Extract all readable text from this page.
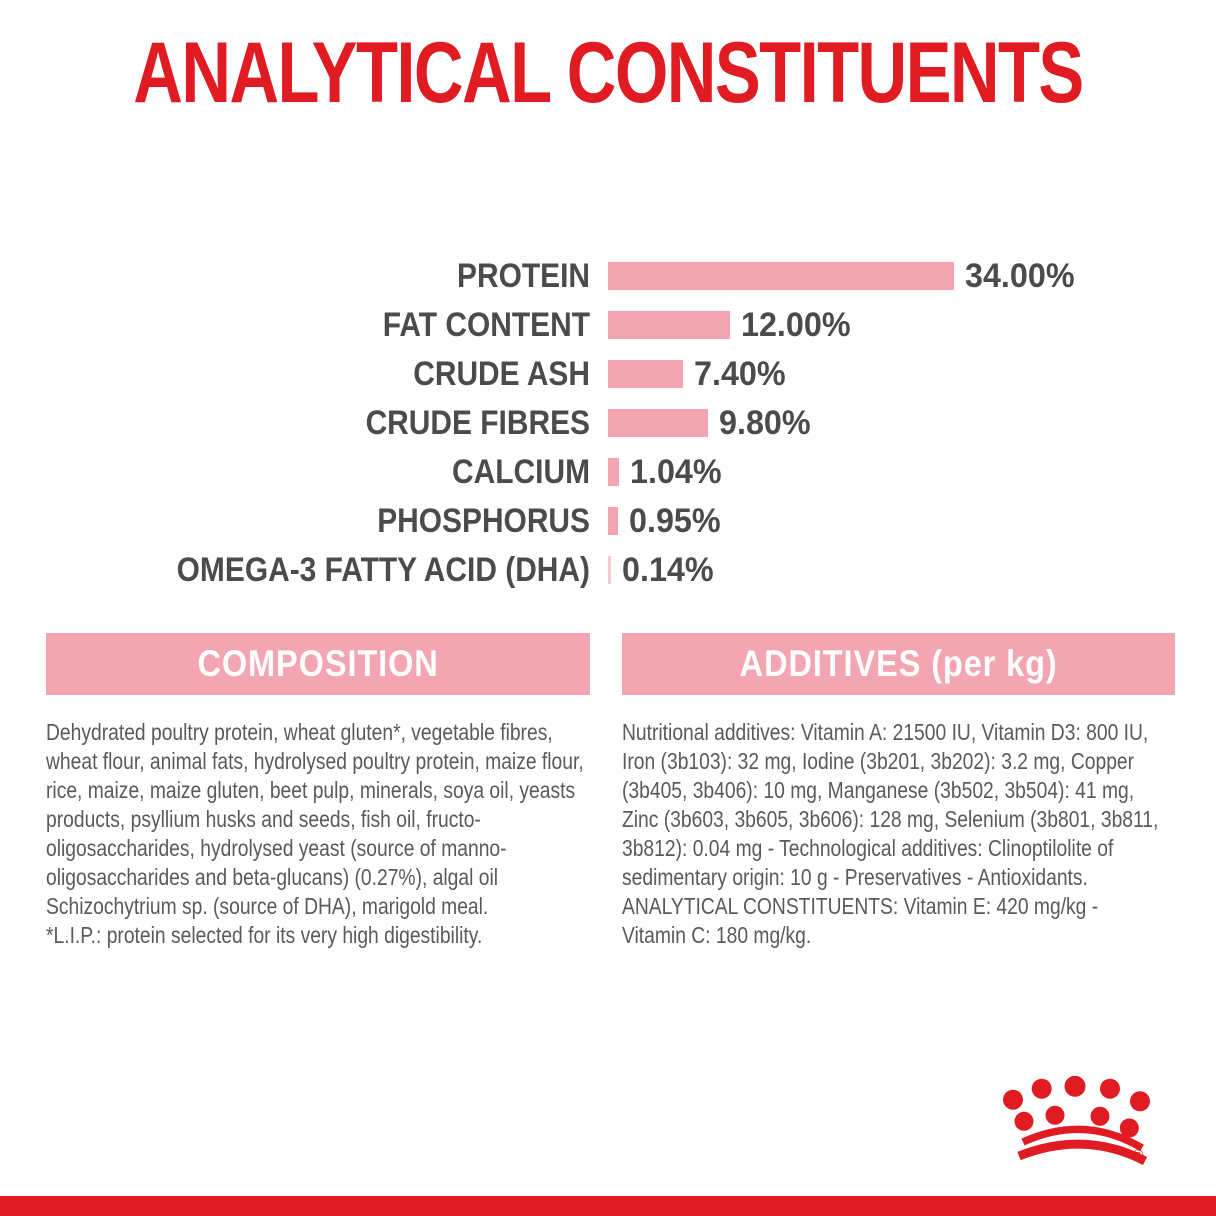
ANALYTICAL CONSTITUENTS
PROTEIN	34.00%
FAT CONTENT	12.00%
CRUDE ASH	7.40%
CRUDE FIBRES	9.80%
CALCIUM 1.04%
PHOSPHORUS 0.95%
OMEGA-3 FATTY ACID (DHA) 0.14%
COMPOSITION

Dehydrated poultry protein, wheat gluten*, vegetable fibres, wheat flour, animal fats, hydrolysed poultry protein, maize flour, rice, maize, maize gluten, beet pulp, minerals, soya oil, yeasts products, psyllium husks and seeds, fish oil, fructo-oligosaccharides, hydrolysed yeast (source of manno-oligosaccharides and beta-glucans) (0.27%), algal oil Schizochytrium sp. (source of DHA), marigold meal.

*L.I.P.: protein selected for its very high digestibility.

ADDITIVES (per kg)

Nutritional additives: Vitamin A: 21500 IU, Vitamin D3: 800 IU, Iron (3b103): 32 mg, Iodine (3b201, 3b202): 3.2 mg, Copper (3b405, 3b406): 10 mg, Manganese (3b502, 3b504): 41 mg, Zinc (3b603, 3b605, 3b606): 128 mg, Selenium (3b801, 3b811, 3b812): 0.04 mg - Technological additives: Clinoptilolite of sedimentary origin: 10 g - Preservatives - Antioxidants.

ANALYTICAL CONSTITUENTS: Vitamin E: 420 mg/kg - Vitamin C: 180 mg/kg.

®
